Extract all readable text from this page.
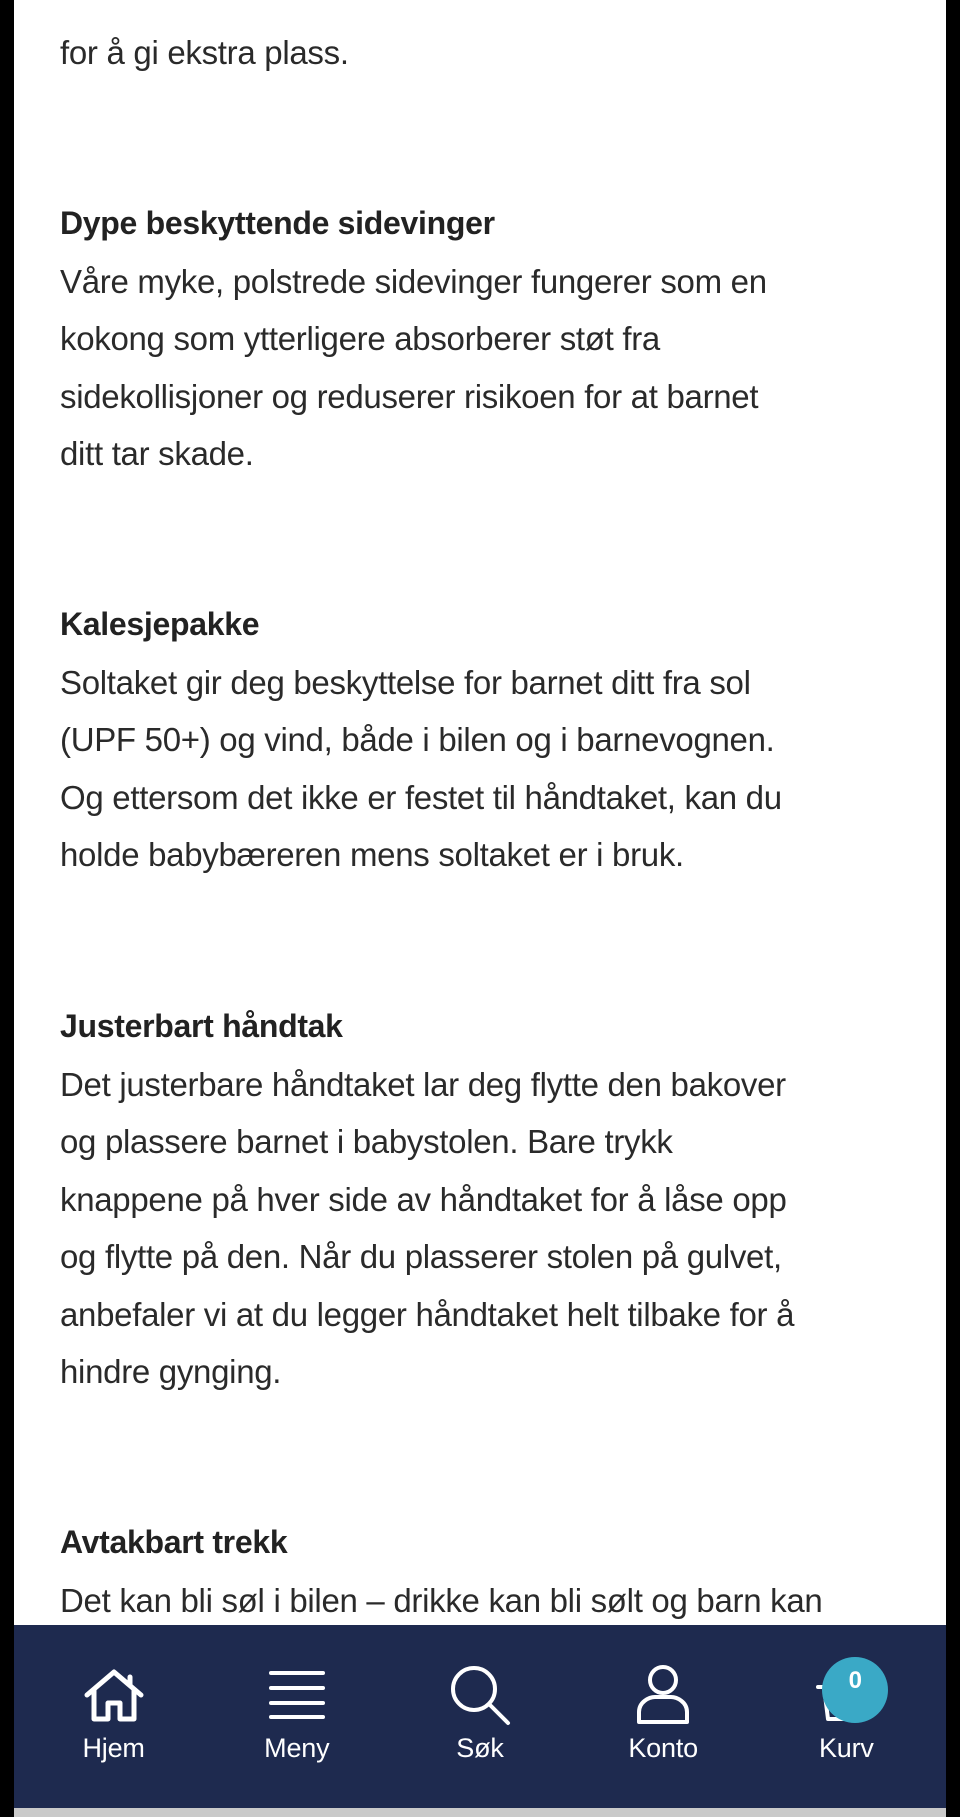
for å gi ekstra plass.
Dype beskyttende sidevinger

Våre myke, polstrede sidevinger fungerer som en
kokong som ytterligere absorberer støt fra
sidekollisjoner og reduserer risikoen for at barnet
ditt tar skade.

Kalesjepakke

Soltaket gir deg beskyttelse for barnet ditt fra sol
(UPF 50+) og vind, både i bilen og i barnevognen.
Og ettersom det ikke er festet til håndtaket, kan du
holde babybæreren mens soltaket er i bruk.

Justerbart håndtak

Det justerbare håndtaket lar deg flytte den bakover
og plassere barnet i babystolen. Bare trykk
knappene på hver side av håndtaket for å låse opp
og flytte på den. Når du plasserer stolen på gulvet,
anbefaler vi at du legger håndtaket helt tilbake for å
hindre gynging.

Avtakbart trekk

Det kan bli søl i bilen – drikke kan bli sølt og barn kan

Hjem	Meny	Søk	Konto
0
Kurv
